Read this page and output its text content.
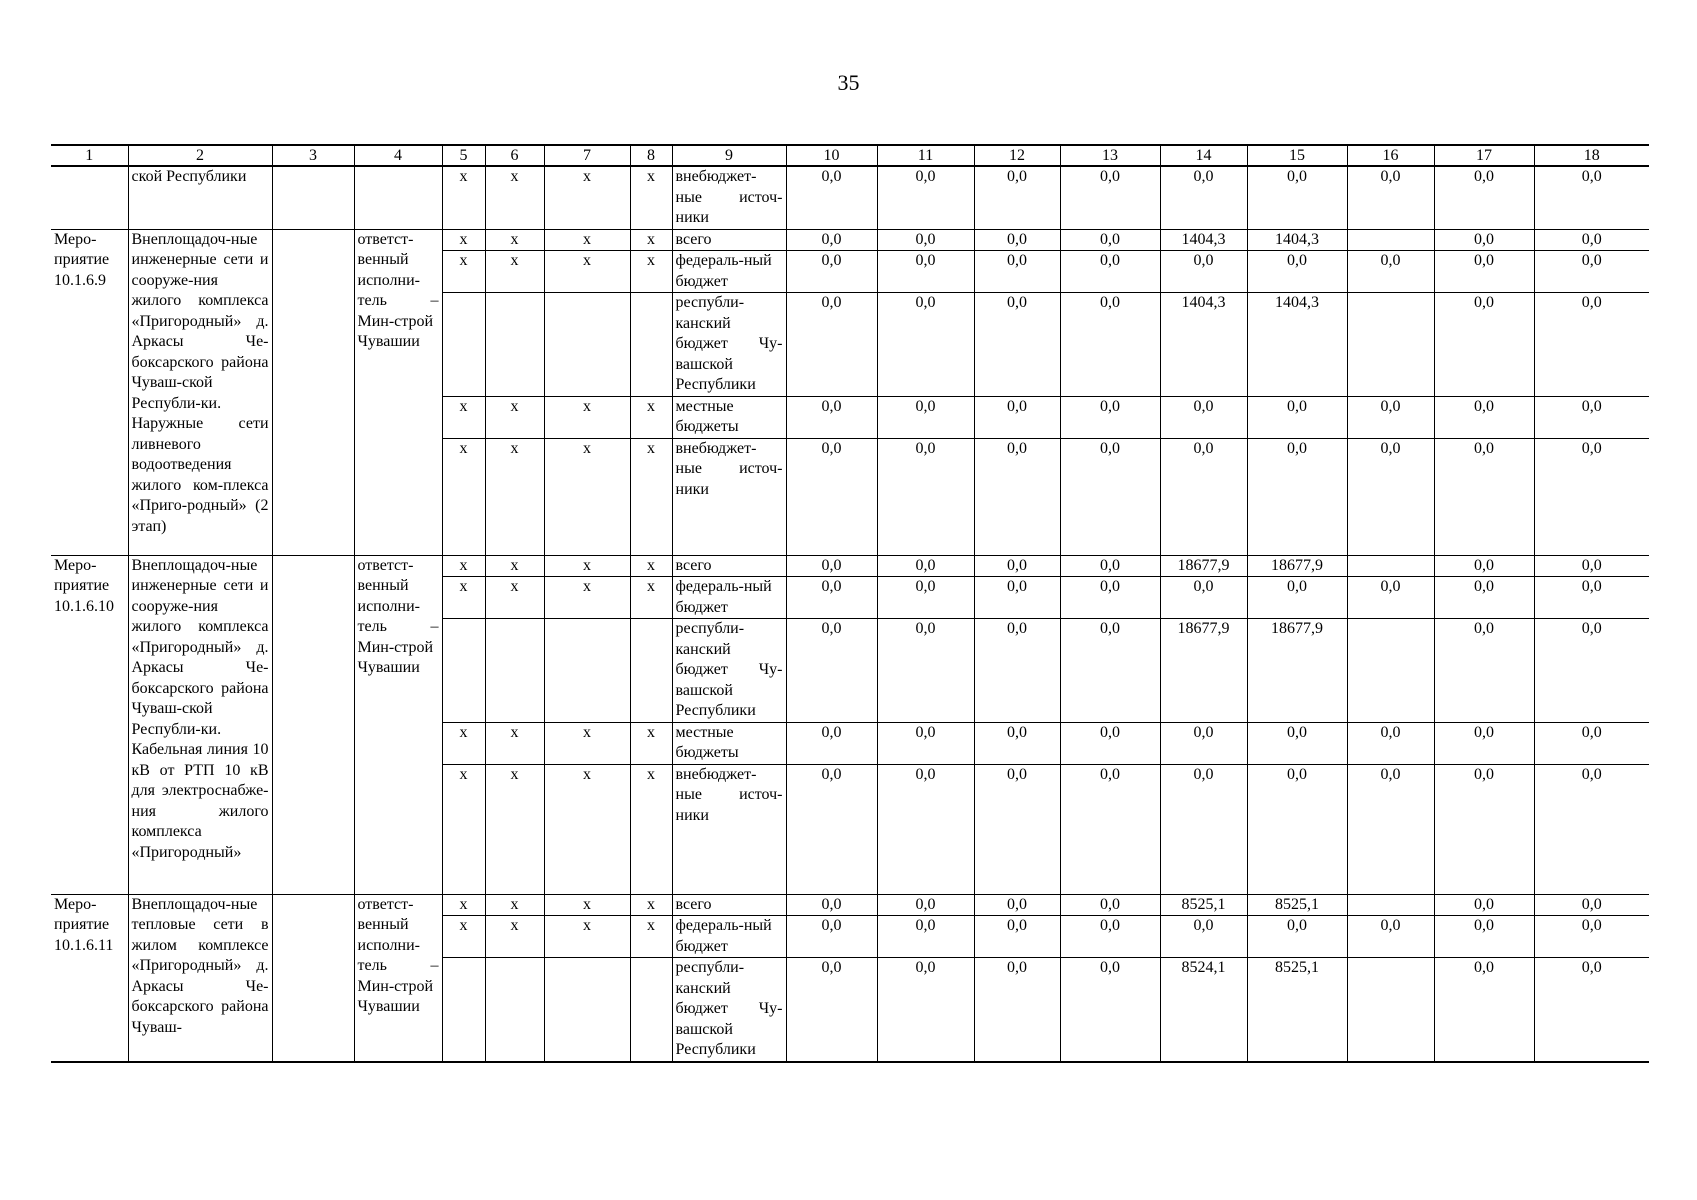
35
1	2	3	4	5	6	7	8	9	10	11	12	13	14	15	16	17	18
	ской Республики			х	х	х	х	внебюджет-ные источ-ники	0,0	0,0	0,0	0,0	0,0	0,0	0,0	0,0	0,0
Меро-приятие 10.1.6.9	Внеплощадоч-ные инженерные сети и сооруже-ния жилого комплекса «Пригородный» д. Аркасы Че-боксарского района Чуваш-ской Республи-ки. Наружные сети ливневого водоотведения жилого ком-плекса «Приго-родный» (2 этап)		ответст-венный исполни-тель – Мин-строй Чувашии	х	х	х	х	всего	0,0	0,0	0,0	0,0	1404,3	1404,3		0,0	0,0
				х	х	х	х	федераль-ный бюджет	0,0	0,0	0,0	0,0	0,0	0,0	0,0	0,0	0,0
								республи-канский бюджет Чу-вашской Республики	0,0	0,0	0,0	0,0	1404,3	1404,3		0,0	0,0
				х	х	х	х	местные бюджеты	0,0	0,0	0,0	0,0	0,0	0,0	0,0	0,0	0,0
				х	х	х	х	внебюджет-ные источ-ники	0,0	0,0	0,0	0,0	0,0	0,0	0,0	0,0	0,0
Меро-приятие 10.1.6.10	Внеплощадоч-ные инженерные сети и сооруже-ния жилого комплекса «Пригородный» д. Аркасы Че-боксарского района Чуваш-ской Республи-ки. Кабельная линия 10 кВ от РТП 10 кВ для электроснабже-ния жилого комплекса «Пригородный»		ответст-венный исполни-тель – Мин-строй Чувашии	х	х	х	х	всего	0,0	0,0	0,0	0,0	18677,9	18677,9		0,0	0,0
				х	х	х	х	федераль-ный бюджет	0,0	0,0	0,0	0,0	0,0	0,0	0,0	0,0	0,0
								республи-канский бюджет Чу-вашской Республики	0,0	0,0	0,0	0,0	18677,9	18677,9		0,0	0,0
				х	х	х	х	местные бюджеты	0,0	0,0	0,0	0,0	0,0	0,0	0,0	0,0	0,0
				х	х	х	х	внебюджет-ные источ-ники	0,0	0,0	0,0	0,0	0,0	0,0	0,0	0,0	0,0
Меро-приятие 10.1.6.11	Внеплощадоч-ные тепловые сети в жилом комплексе «Пригородный» д. Аркасы Че-боксарского района Чуваш-		ответст-венный исполни-тель – Мин-строй Чувашии	х	х	х	х	всего	0,0	0,0	0,0	0,0	8525,1	8525,1		0,0	0,0
				х	х	х	х	федераль-ный бюджет	0,0	0,0	0,0	0,0	0,0	0,0	0,0	0,0	0,0
								республи-канский бюджет Чу-вашской Республики	0,0	0,0	0,0	0,0	8524,1	8525,1		0,0	0,0
